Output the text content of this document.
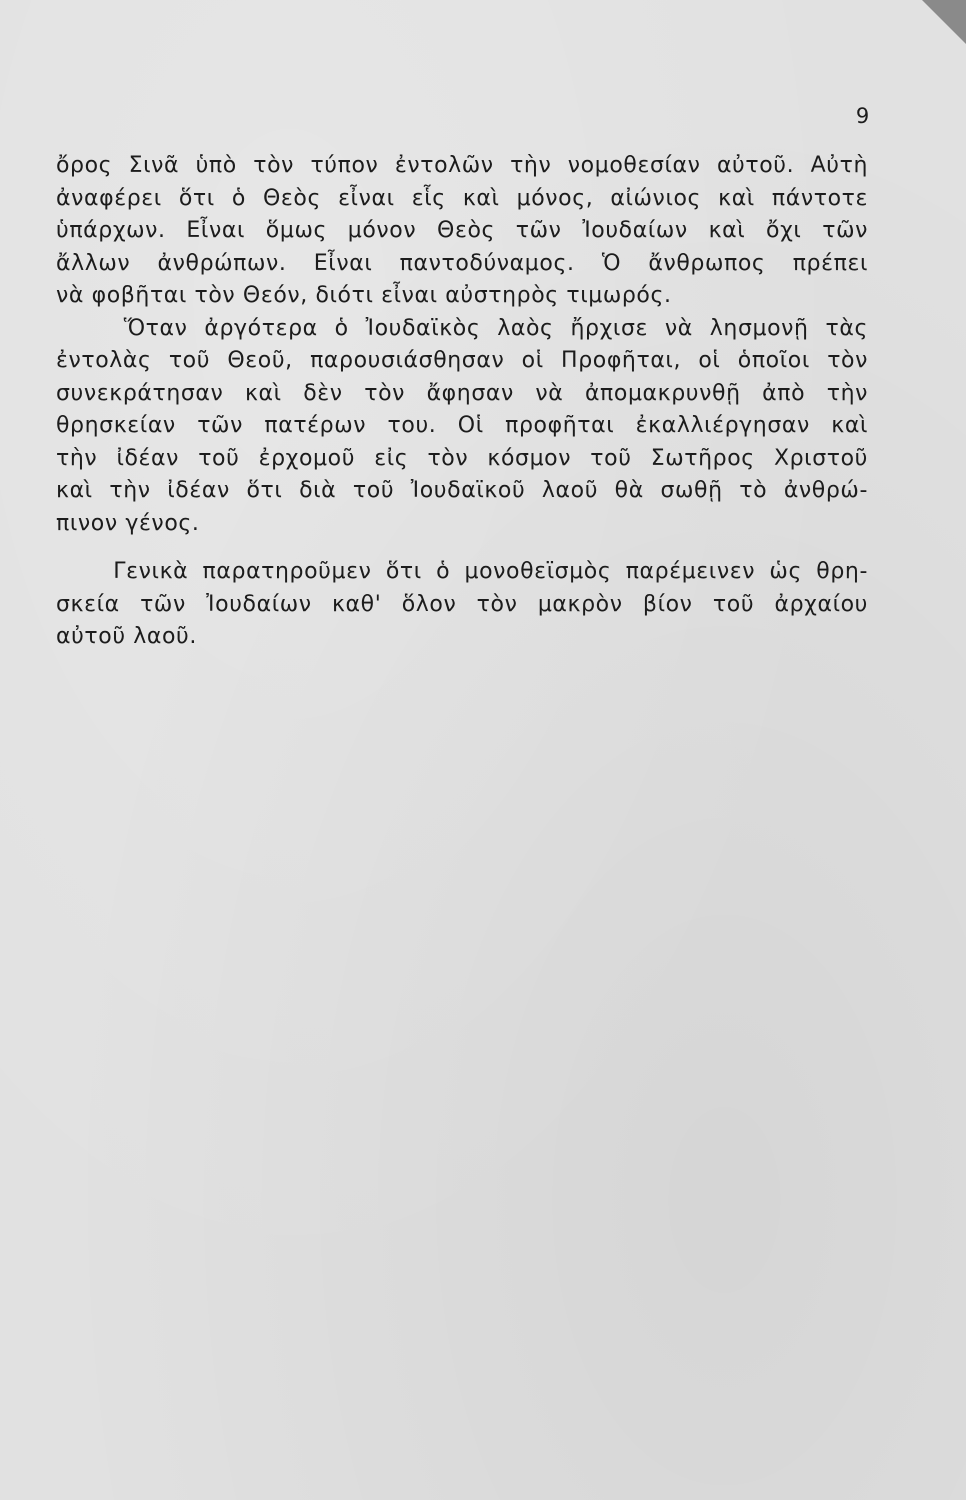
9
ὄρος Σινᾶ ὑπὸ τὸν τύπον ἐντολῶν τὴν νομοθεσίαν αὐτοῦ. Αὐτὴ
ἀναφέρει ὅτι ὁ Θεὸς εἶναι εἷς καὶ μόνος, αἰώνιος καὶ πάντοτε
ὑπάρχων. Εἶναι ὅμως μόνον Θεὸς τῶν Ἰουδαίων καὶ ὄχι τῶν
ἄλλων ἀνθρώπων. Εἶναι παντοδύναμος. Ὁ ἄνθρωπος πρέπει
νὰ φοβῆται τὸν Θεόν, διότι εἶναι αὐστηρὸς τιμωρός.
Ὅταν ἀργότερα ὁ Ἰουδαϊκὸς λαὸς ἤρχισε νὰ λησμονῇ τὰς
ἐντολὰς τοῦ Θεοῦ, παρουσιάσθησαν οἱ Προφῆται, οἱ ὁποῖοι τὸν
συνεκράτησαν καὶ δὲν τὸν ἄφησαν νὰ ἀπομακρυνθῇ ἀπὸ τὴν
θρησκείαν τῶν πατέρων του. Οἱ προφῆται ἐκαλλιέργησαν καὶ
τὴν ἰδέαν τοῦ ἐρχομοῦ εἰς τὸν κόσμον τοῦ Σωτῆρος Χριστοῦ
καὶ τὴν ἰδέαν ὅτι διὰ τοῦ Ἰουδαϊκοῦ λαοῦ θὰ σωθῇ τὸ ἀνθρώ-
πινον γένος.
Γενικὰ παρατηροῦμεν ὅτι ὁ μονοθεϊσμὸς παρέμεινεν ὡς θρη-
σκεία τῶν Ἰουδαίων καθ' ὅλον τὸν μακρὸν βίον τοῦ ἀρχαίου
αὐτοῦ λαοῦ.
